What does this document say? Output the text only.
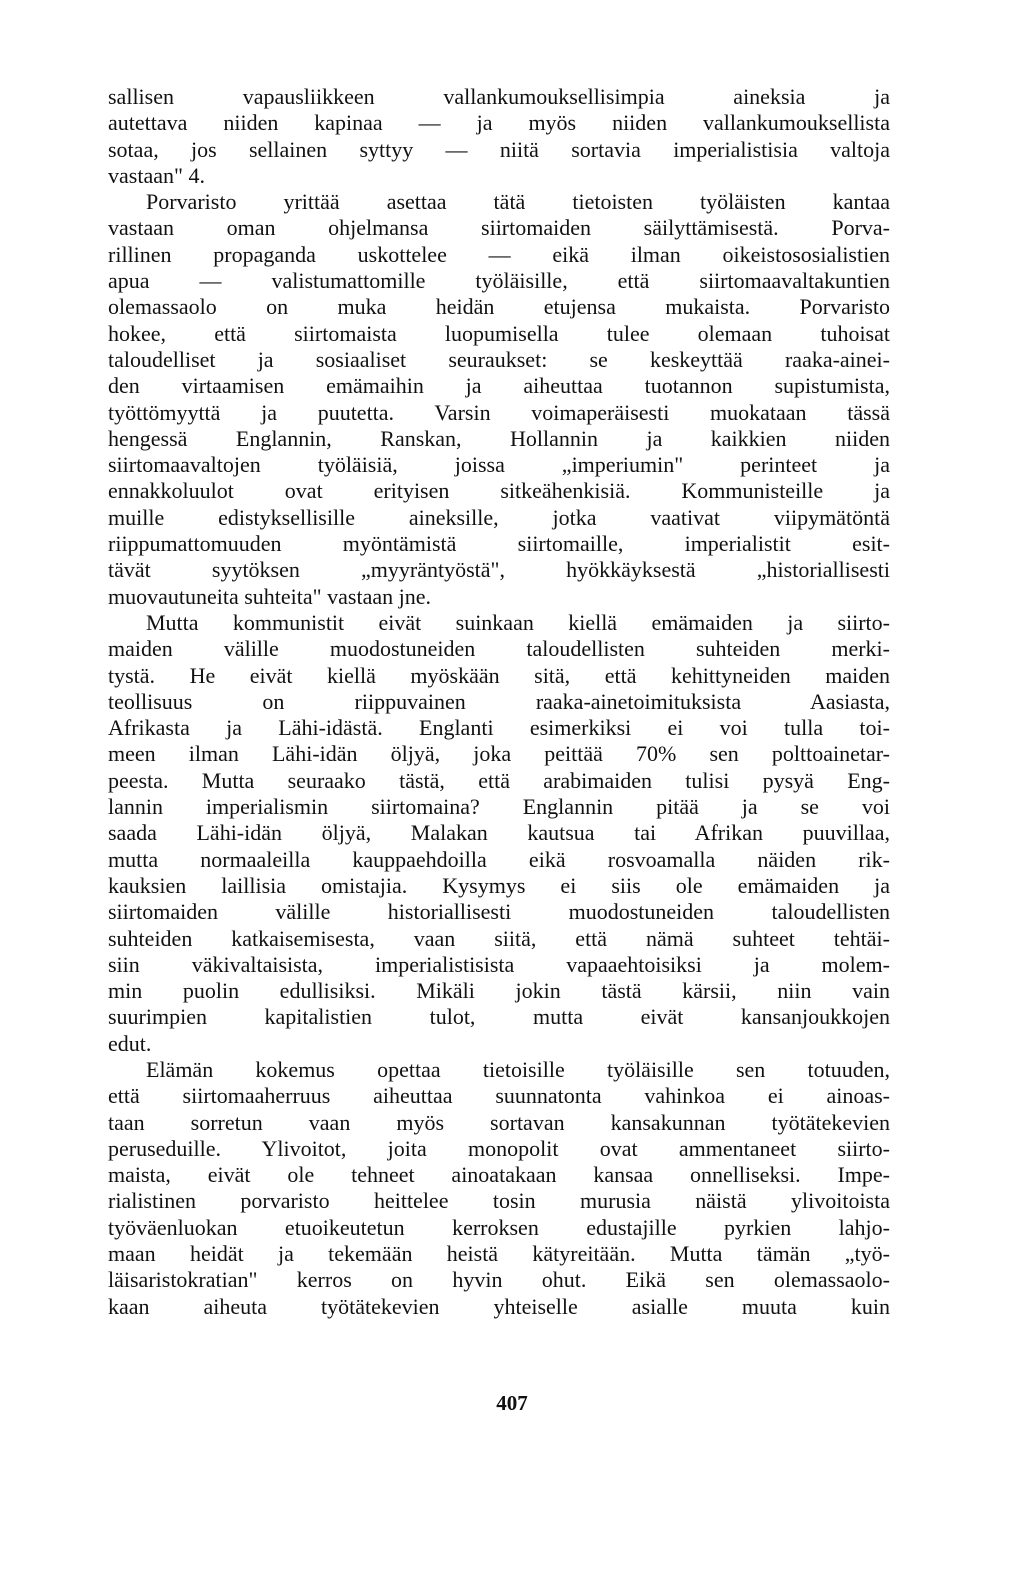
sallisen vapausliikkeen vallankumouksellisimpia aineksia ja
autettava niiden kapinaa — ja myös niiden vallankumouksellista
sotaa, jos sellainen syttyy — niitä sortavia imperialistisia valtoja
vastaan" 4.
Porvaristo yrittää asettaa tätä tietoisten työläisten kantaa
vastaan oman ohjelmansa siirtomaiden säilyttämisestä. Porva-
rillinen propaganda uskottelee — eikä ilman oikeistososialistien
apua — valistumattomille työläisille, että siirtomaavaltakuntien
olemassaolo on muka heidän etujensa mukaista. Porvaristo
hokee, että siirtomaista luopumisella tulee olemaan tuhoisat
taloudelliset ja sosiaaliset seuraukset: se keskeyttää raaka-ainei-
den virtaamisen emämaihin ja aiheuttaa tuotannon supistumista,
työttömyyttä ja puutetta. Varsin voimaperäisesti muokataan tässä
hengessä Englannin, Ranskan, Hollannin ja kaikkien niiden
siirtomaavaltojen työläisiä, joissa „imperiumin" perinteet ja
ennakkoluulot ovat erityisen sitkeähenkisiä. Kommunisteille ja
muille edistyksellisille aineksille, jotka vaativat viipymätöntä
riippumattomuuden myöntämistä siirtomaille, imperialistit esit-
tävät syytöksen „myyräntyöstä", hyökkäyksestä „historiallisesti
muovautuneita suhteita" vastaan jne.
Mutta kommunistit eivät suinkaan kiellä emämaiden ja siirto-
maiden välille muodostuneiden taloudellisten suhteiden merki-
tystä. He eivät kiellä myöskään sitä, että kehittyneiden maiden
teollisuus on riippuvainen raaka-ainetoimituksista Aasiasta,
Afrikasta ja Lähi-idästä. Englanti esimerkiksi ei voi tulla toi-
meen ilman Lähi-idän öljyä, joka peittää 70% sen polttoainetar-
peesta. Mutta seuraako tästä, että arabimaiden tulisi pysyä Eng-
lannin imperialismin siirtomaina? Englannin pitää ja se voi
saada Lähi-idän öljyä, Malakan kautsua tai Afrikan puuvillaa,
mutta normaaleilla kauppaehdoilla eikä rosvoamalla näiden rik-
kauksien laillisia omistajia. Kysymys ei siis ole emämaiden ja
siirtomaiden välille historiallisesti muodostuneiden taloudellisten
suhteiden katkaisemisesta, vaan siitä, että nämä suhteet tehtäi-
siin väkivaltaisista, imperialistisista vapaaehtoisiksi ja molem-
min puolin edullisiksi. Mikäli jokin tästä kärsii, niin vain
suurimpien kapitalistien tulot, mutta eivät kansanjoukkojen
edut.
Elämän kokemus opettaa tietoisille työläisille sen totuuden,
että siirtomaaherruus aiheuttaa suunnatonta vahinkoa ei ainoas-
taan sorretun vaan myös sortavan kansakunnan työtätekevien
peruseduille. Ylivoitot, joita monopolit ovat ammentaneet siirto-
maista, eivät ole tehneet ainoatakaan kansaa onnelliseksi. Impe-
rialistinen porvaristo heittelee tosin murusia näistä ylivoitoista
työväenluokan etuoikeutetun kerroksen edustajille pyrkien lahjo-
maan heidät ja tekemään heistä kätyreitään. Mutta tämän „työ-
läisaristokratian" kerros on hyvin ohut. Eikä sen olemassaolo-
kaan aiheuta työtätekevien yhteiselle asialle muuta kuin
407
